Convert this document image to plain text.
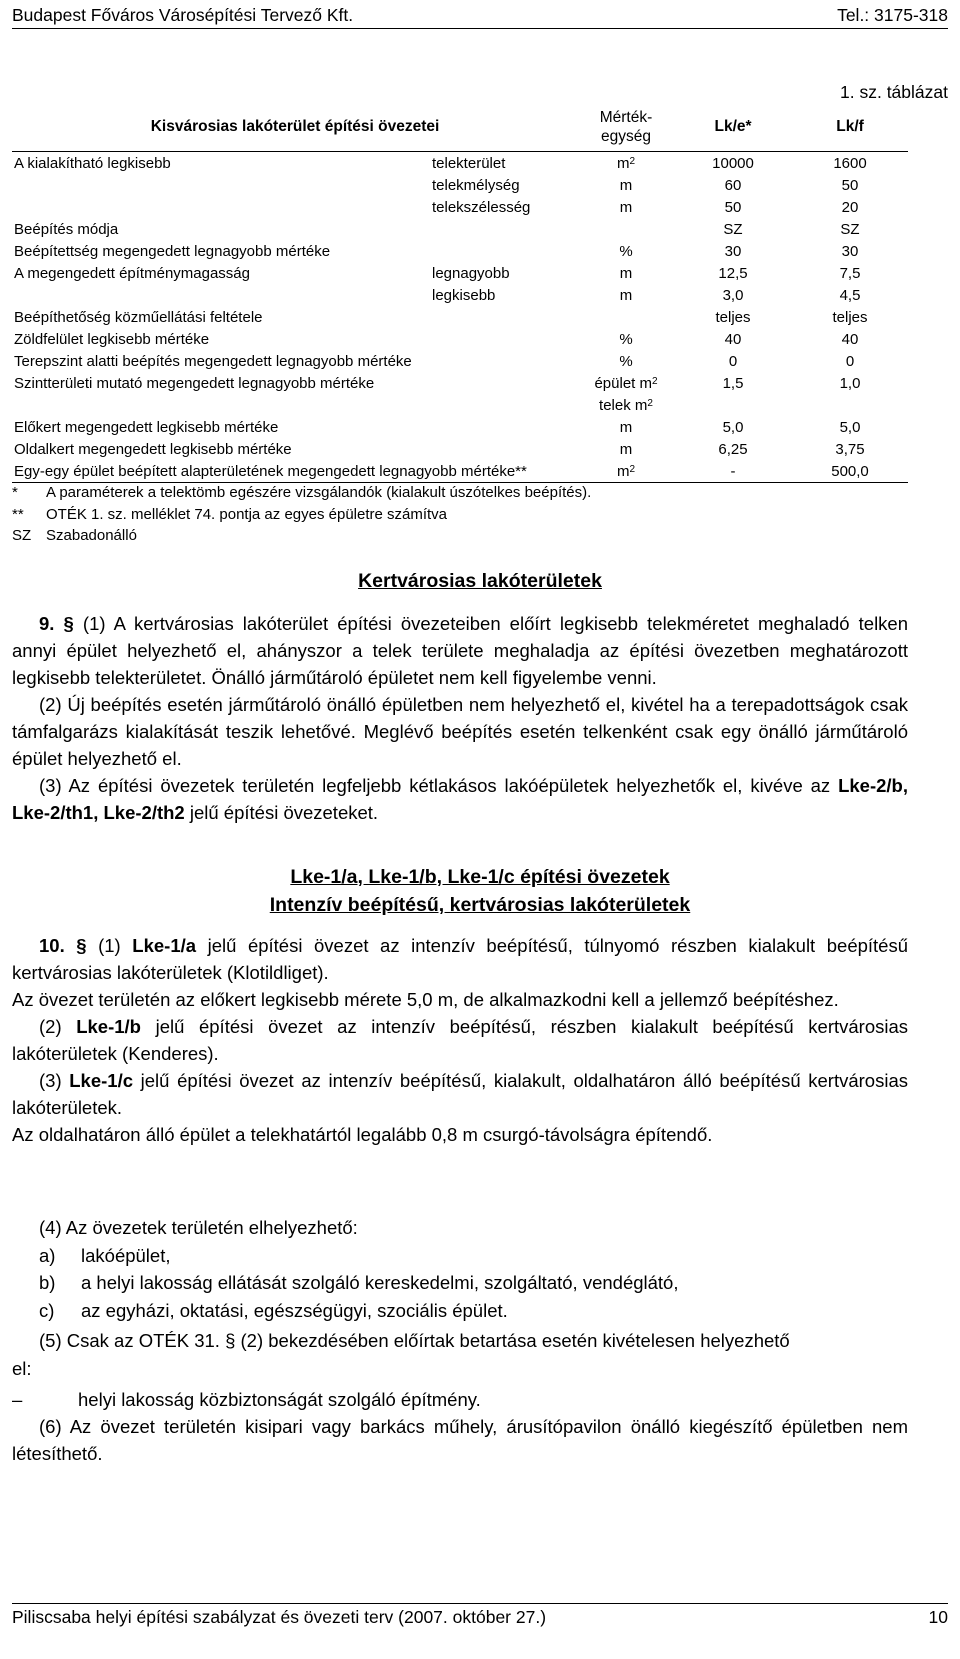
Budapest Főváros Városépítési Tervező Kft.	Tel.: 3175-318
1. sz. táblázat
Kisvárosias lakóterület építési övezetei		Mérték-
egység	Lk/e*	Lk/f
A kialakítható legkisebb	telekterület	$m^2$	10000	1600
	telekmélység	m	60	50
	telekszélesség	m	50	20
Beépítés módja			SZ	SZ
Beépítettség megengedett legnagyobb mértéke		%	30	30
A megengedett építménymagasság	legnagyobb	m	12,5	7,5
	legkisebb	m	3,0	4,5
Beépíthetőség közműellátási feltétele			teljes	teljes
Zöldfelület legkisebb mértéke		%	40	40
Terepszint alatti beépítés megengedett legnagyobb mértéke		%	0	0
Szintterületi mutató megengedett legnagyobb mértéke		épület $m^2$	1,5	1,0
		telek $m^2$		
Előkert megengedett legkisebb mértéke		m	5,0	5,0
Oldalkert megengedett legkisebb mértéke		m	6,25	3,75
Egy-egy épület beépített alapterületének megengedett legnagyobb mértéke**		$m^2$	-	500,0
*	A paraméterek a telektömb egészére vizsgálandók (kialakult úszótelkes beépítés).
**	OTÉK 1. sz. melléklet 74. pontja az egyes épületre számítva
SZ Szabadonálló
Kertvárosias lakóterületek

9. § (1) A kertvárosias lakóterület építési övezeteiben előírt legkisebb telekméretet meghaladó telken annyi épület helyezhető el, ahányszor a telek területe meghaladja az építési övezetben meghatározott legkisebb telekterületet. Önálló járműtároló épületet nem kell figyelembe venni.

(2) Új beépítés esetén járműtároló önálló épületben nem helyezhető el, kivétel ha a terepadottságok csak támfalgarázs kialakítását teszik lehetővé. Meglévő beépítés esetén telkenként csak egy önálló járműtároló épület helyezhető el.

(3) Az építési övezetek területén legfeljebb kétlakásos lakóépületek helyezhetők el, kivéve az Lke-2/b, Lke-2/th1, Lke-2/th2 jelű építési övezeteket.

Lke-1/a, Lke-1/b, Lke-1/c építési övezetek
Intenzív beépítésű, kertvárosias lakóterületek

10. § (1) Lke-1/a jelű építési övezet az intenzív beépítésű, túlnyomó részben kialakult beépítésű kertvárosias lakóterületek (Klotildliget).

Az övezet területén az előkert legkisebb mérete 5,0 m, de alkalmazkodni kell a jellemző beépítéshez.

(2) Lke-1/b jelű építési övezet az intenzív beépítésű, részben kialakult beépítésű kertvárosias lakóterületek (Kenderes).

(3) Lke-1/c jelű építési övezet az intenzív beépítésű, kialakult, oldalhatáron álló beépítésű kertvárosias lakóterületek.

Az oldalhatáron álló épület a telekhatártól legalább 0,8 m csurgó-távolságra építendő.

(4) Az övezetek területén elhelyezhető:
a)	lakóépület,
b)	a helyi lakosság ellátását szolgáló kereskedelmi, szolgáltató, vendéglátó,
c)	az egyházi, oktatási, egészségügyi, szociális épület.
(5) Csak az OTÉK 31. § (2) bekezdésében előírtak betartása esetén kivételesen helyezhető
el:
–	helyi lakosság közbiztonságát szolgáló építmény.

(6) Az övezet területén kisipari vagy barkács műhely, árusítópavilon önálló kiegészítő épületben nem létesíthető.

Piliscsaba helyi építési szabályzat és övezeti terv (2007. október 27.)	10
